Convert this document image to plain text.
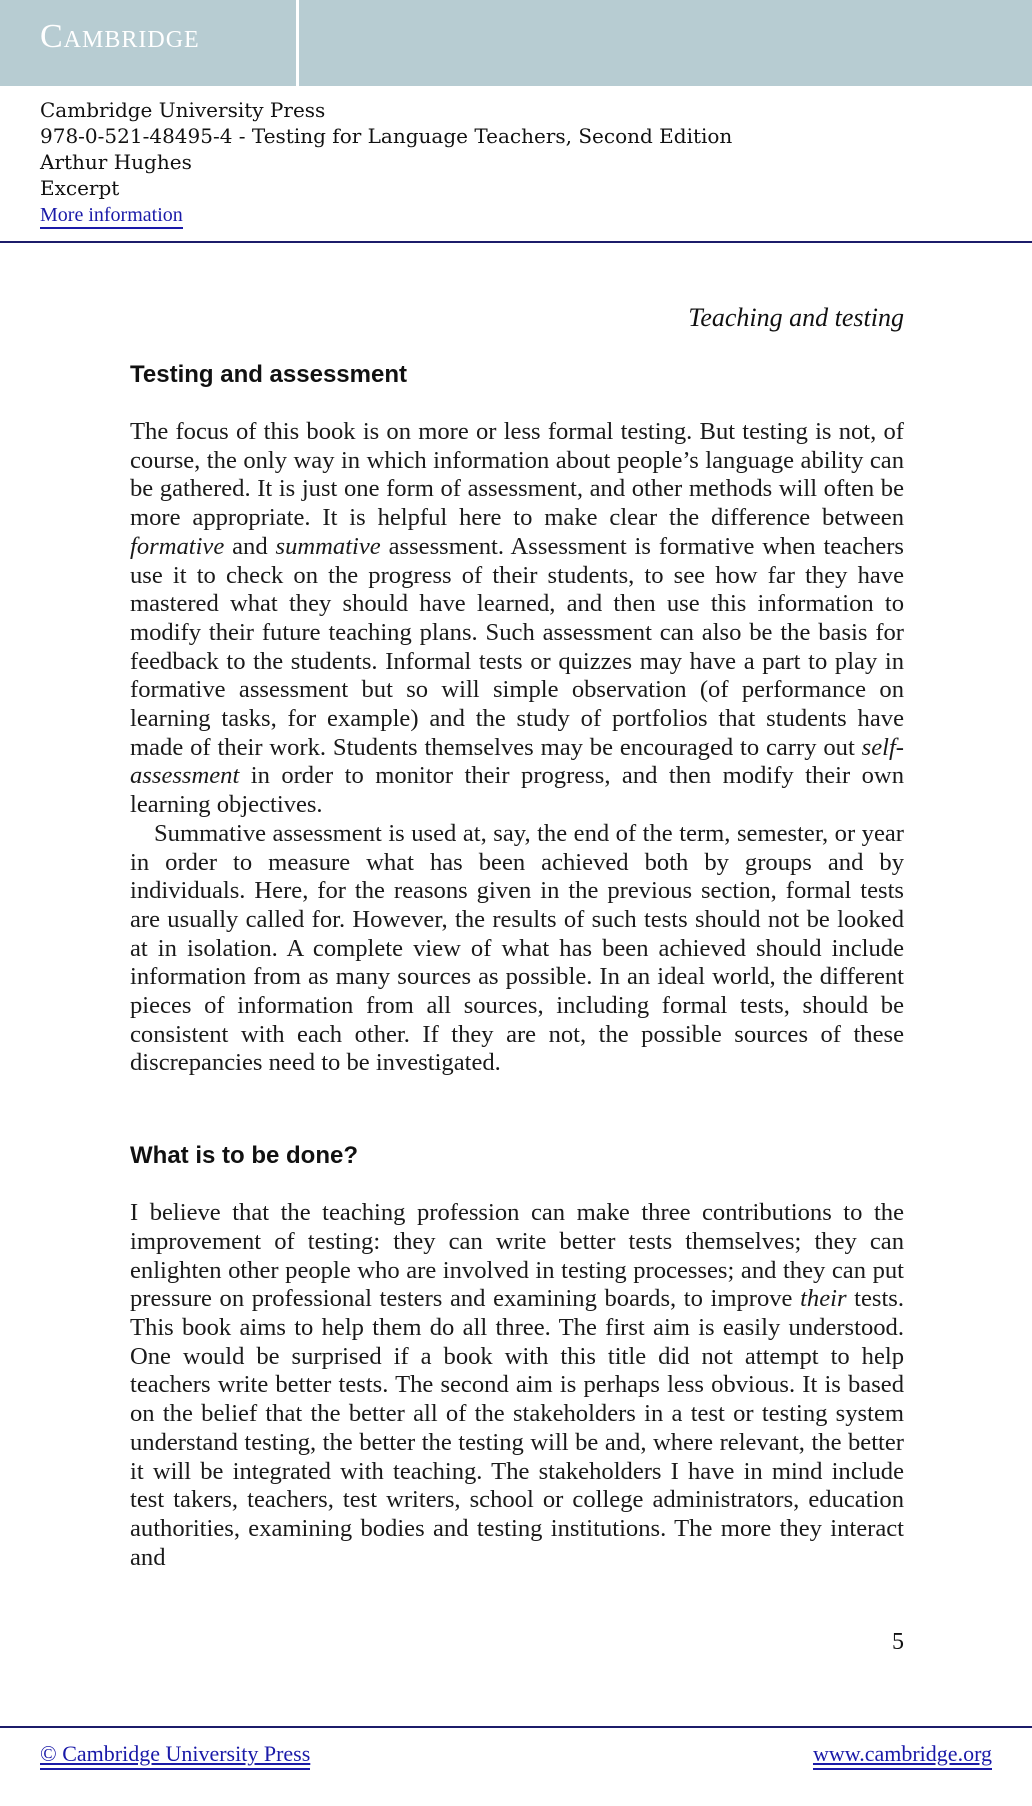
Cambridge
Cambridge University Press
978-0-521-48495-4 - Testing for Language Teachers, Second Edition
Arthur Hughes
Excerpt
More information
Teaching and testing
Testing and assessment

The focus of this book is on more or less formal testing. But testing is not, of course, the only way in which information about people’s language ability can be gathered. It is just one form of assessment, and other methods will often be more appropriate. It is helpful here to make clear the difference between formative and summative assessment. Assessment is formative when teachers use it to check on the progress of their students, to see how far they have mastered what they should have learned, and then use this information to modify their future teaching plans. Such assessment can also be the basis for feedback to the students. Informal tests or quizzes may have a part to play in formative assessment but so will simple observation (of performance on learning tasks, for example) and the study of portfolios that students have made of their work. Students themselves may be encouraged to carry out self-assessment in order to monitor their progress, and then modify their own learning objectives.

Summative assessment is used at, say, the end of the term, semester, or year in order to measure what has been achieved both by groups and by individuals. Here, for the reasons given in the previous section, formal tests are usually called for. However, the results of such tests should not be looked at in isolation. A complete view of what has been achieved should include information from as many sources as possible. In an ideal world, the different pieces of information from all sources, including formal tests, should be consistent with each other. If they are not, the possible sources of these discrepancies need to be investigated.

What is to be done?

I believe that the teaching profession can make three contributions to the improvement of testing: they can write better tests themselves; they can enlighten other people who are involved in testing processes; and they can put pressure on professional testers and examining boards, to improve their tests. This book aims to help them do all three. The first aim is easily understood. One would be surprised if a book with this title did not attempt to help teachers write better tests. The second aim is perhaps less obvious. It is based on the belief that the better all of the stakeholders in a test or testing system understand testing, the better the testing will be and, where relevant, the better it will be integrated with teaching. The stakeholders I have in mind include test takers, teachers, test writers, school or college administrators, education authorities, examining bodies and testing institutions. The more they interact and

5
© Cambridge University Press	www.cambridge.org
